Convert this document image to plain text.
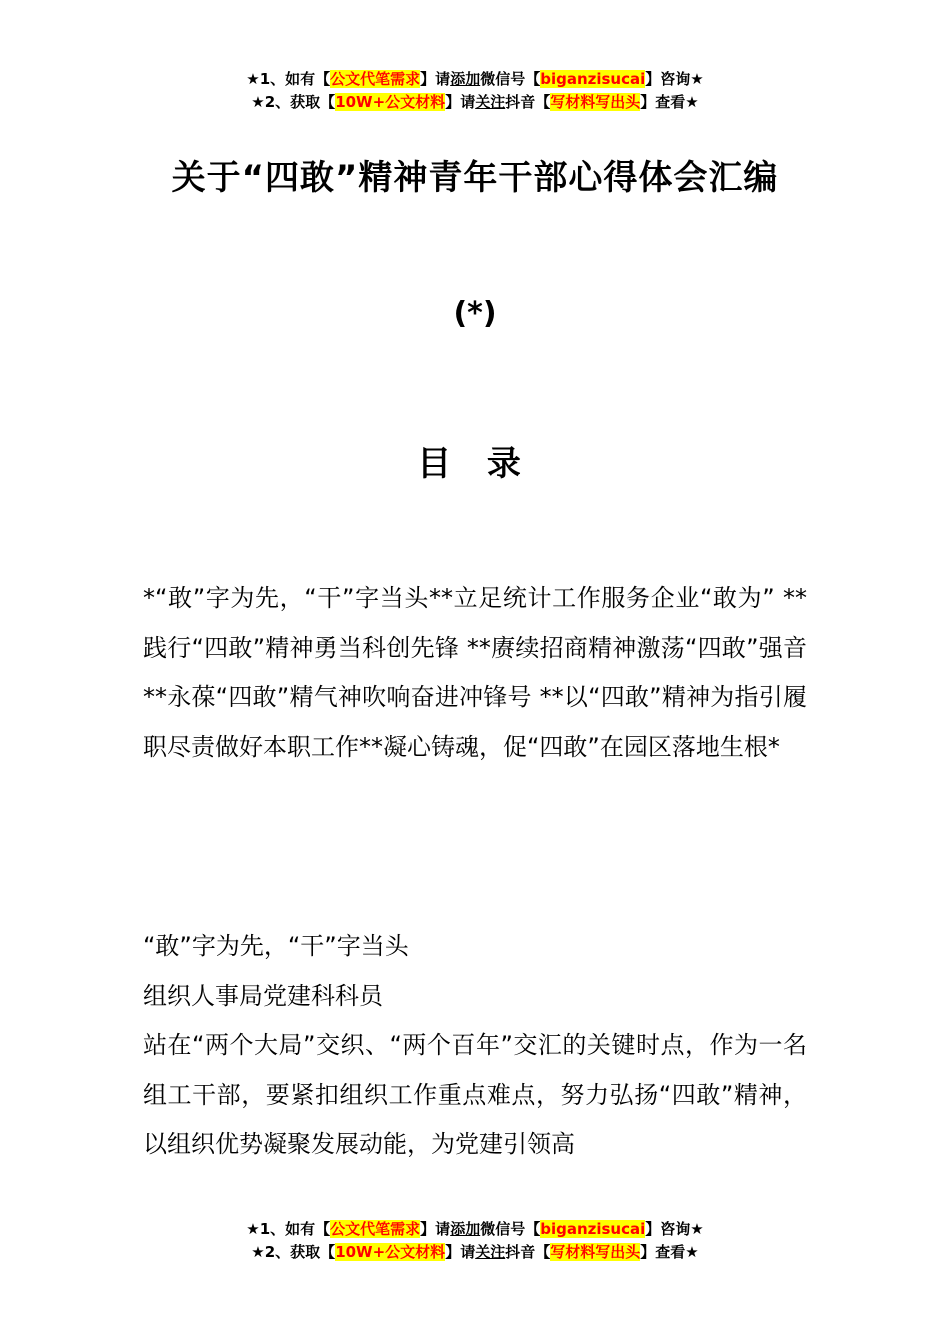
★1、如有【公文代笔需求】请添加微信号【biganzisucai】咨询★
★2、获取【10W+公文材料】请关注抖音【写材料写出头】查看★
关于“四敢”精神青年干部心得体会汇编
(*)
目 录
*“敢”字为先，“干”字当头**立足统计工作服务企业“敢为” **践行“四敢”精神勇当科创先锋 **赓续招商精神激荡“四敢”强音 **永葆“四敢”精气神吹响奋进冲锋号 **以“四敢”精神为指引履职尽责做好本职工作**凝心铸魂，促“四敢”在园区落地生根*

“敢”字为先，“干”字当头

组织人事局党建科科员

站在“两个大局”交织、“两个百年”交汇的关键时点，作为一名组工干部，要紧扣组织工作重点难点，努力弘扬“四敢”精神，以组织优势凝聚发展动能，为党建引领高

★1、如有【公文代笔需求】请添加微信号【biganzisucai】咨询★
★2、获取【10W+公文材料】请关注抖音【写材料写出头】查看★
